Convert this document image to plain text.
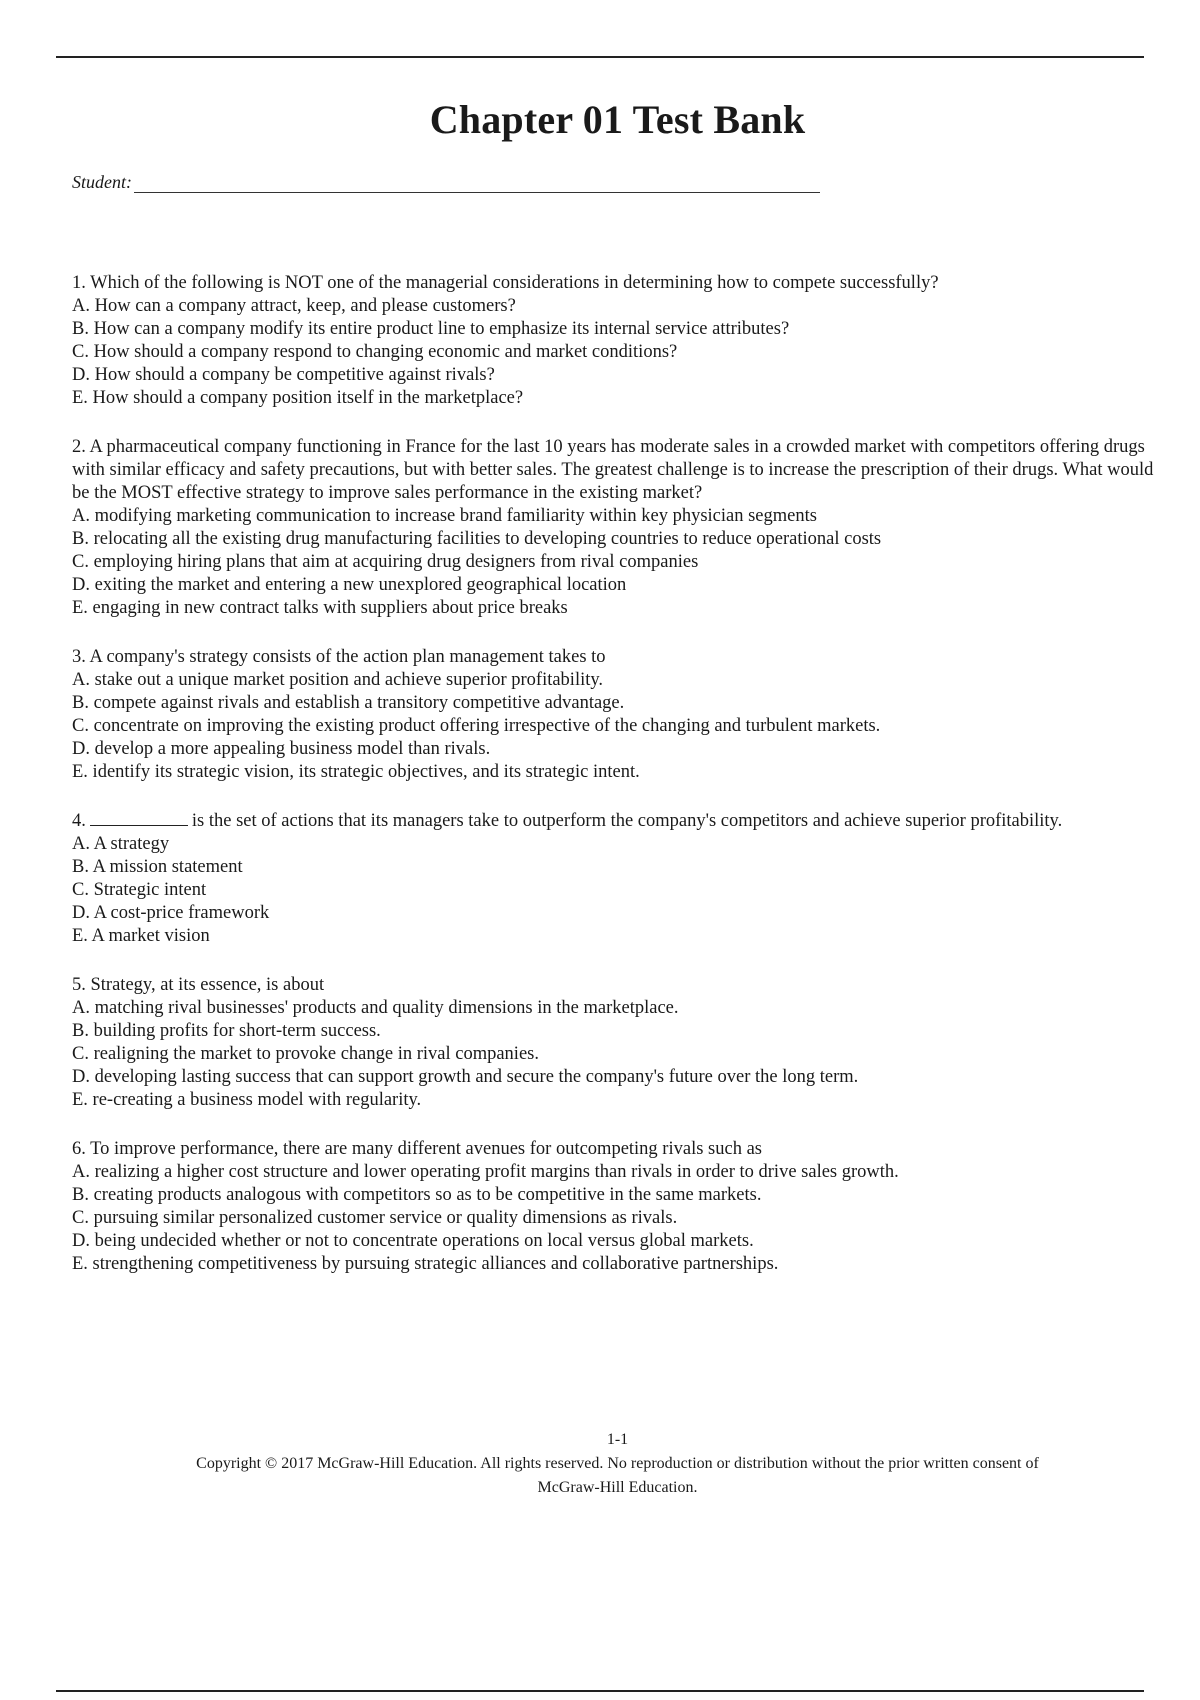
Chapter 01 Test Bank
Student:

1. Which of the following is NOT one of the managerial considerations in determining how to compete successfully?

A. How can a company attract, keep, and please customers?

B. How can a company modify its entire product line to emphasize its internal service attributes?

C. How should a company respond to changing economic and market conditions?

D. How should a company be competitive against rivals?

E. How should a company position itself in the marketplace?

2. A pharmaceutical company functioning in France for the last 10 years has moderate sales in a crowded market with competitors offering drugs with similar efficacy and safety precautions, but with better sales. The greatest challenge is to increase the prescription of their drugs. What would be the MOST effective strategy to improve sales performance in the existing market?

A. modifying marketing communication to increase brand familiarity within key physician segments

B. relocating all the existing drug manufacturing facilities to developing countries to reduce operational costs

C. employing hiring plans that aim at acquiring drug designers from rival companies

D. exiting the market and entering a new unexplored geographical location

E. engaging in new contract talks with suppliers about price breaks

3. A company's strategy consists of the action plan management takes to

A. stake out a unique market position and achieve superior profitability.

B. compete against rivals and establish a transitory competitive advantage.

C. concentrate on improving the existing product offering irrespective of the changing and turbulent markets.

D. develop a more appealing business model than rivals.

E. identify its strategic vision, its strategic objectives, and its strategic intent.

4.	is the set of actions that its managers take to outperform the company's competitors and achieve superior profitability.

A. A strategy

B. A mission statement

C. Strategic intent

D. A cost-price framework

E. A market vision

5. Strategy, at its essence, is about

A. matching rival businesses' products and quality dimensions in the marketplace.

B. building profits for short-term success.

C. realigning the market to provoke change in rival companies.

D. developing lasting success that can support growth and secure the company's future over the long term.

E. re-creating a business model with regularity.

6. To improve performance, there are many different avenues for outcompeting rivals such as

A. realizing a higher cost structure and lower operating profit margins than rivals in order to drive sales growth.

B. creating products analogous with competitors so as to be competitive in the same markets.

C. pursuing similar personalized customer service or quality dimensions as rivals.

D. being undecided whether or not to concentrate operations on local versus global markets.

E. strengthening competitiveness by pursuing strategic alliances and collaborative partnerships.

1-1
Copyright © 2017 McGraw-Hill Education. All rights reserved. No reproduction or distribution without the prior written consent of
McGraw-Hill Education.
